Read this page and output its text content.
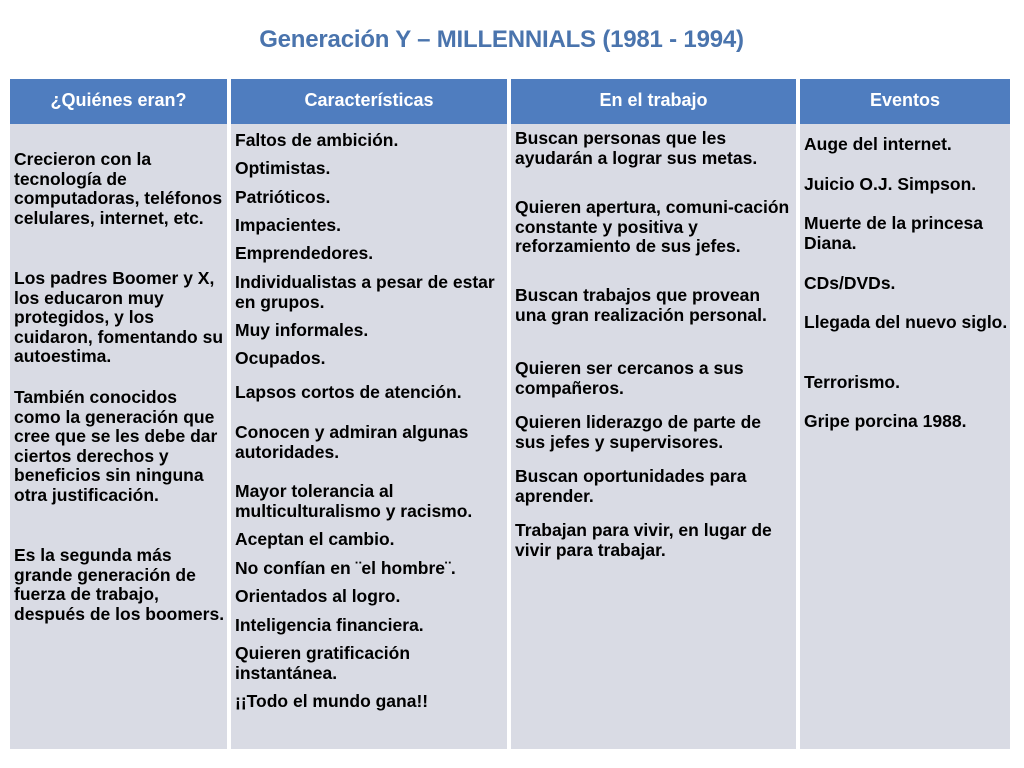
Generación Y – MILLENNIALS (1981 - 1994)
¿Quiénes eran?
Crecieron con la tecnología de computadoras, teléfonos celulares, internet, etc.
Los padres Boomer y X, los educaron muy protegidos, y los cuidaron, fomentando su autoestima.
También conocidos como la generación que cree que se les debe dar ciertos derechos y beneficios sin ninguna otra justificación.
Es la segunda más grande generación de fuerza de trabajo, después de los boomers.
Características
Faltos de ambición.
Optimistas.
Patrióticos.
Impacientes.
Emprendedores.
Individualistas a pesar de estar en grupos.
Muy informales.
Ocupados.
Lapsos cortos de atención.
Conocen y admiran algunas autoridades.
Mayor tolerancia al multiculturalismo y racismo.
Aceptan el cambio.
No confían en ¨el hombre¨.
Orientados al logro.
Inteligencia financiera.
Quieren gratificación instantánea.
¡¡Todo el mundo gana!!
En el trabajo
Buscan personas que les ayudarán a lograr sus metas.
Quieren apertura, comuni-cación constante y positiva y reforzamiento de sus jefes.
Buscan trabajos que provean una gran realización personal.
Quieren ser cercanos a sus compañeros.
Quieren liderazgo de parte de sus jefes y supervisores.
Buscan oportunidades para aprender.
Trabajan para vivir, en lugar de vivir para trabajar.
Eventos
Auge del internet.
Juicio O.J. Simpson.
Muerte de la princesa Diana.
CDs/DVDs.
Llegada del nuevo siglo.
Terrorismo.
Gripe porcina 1988.
